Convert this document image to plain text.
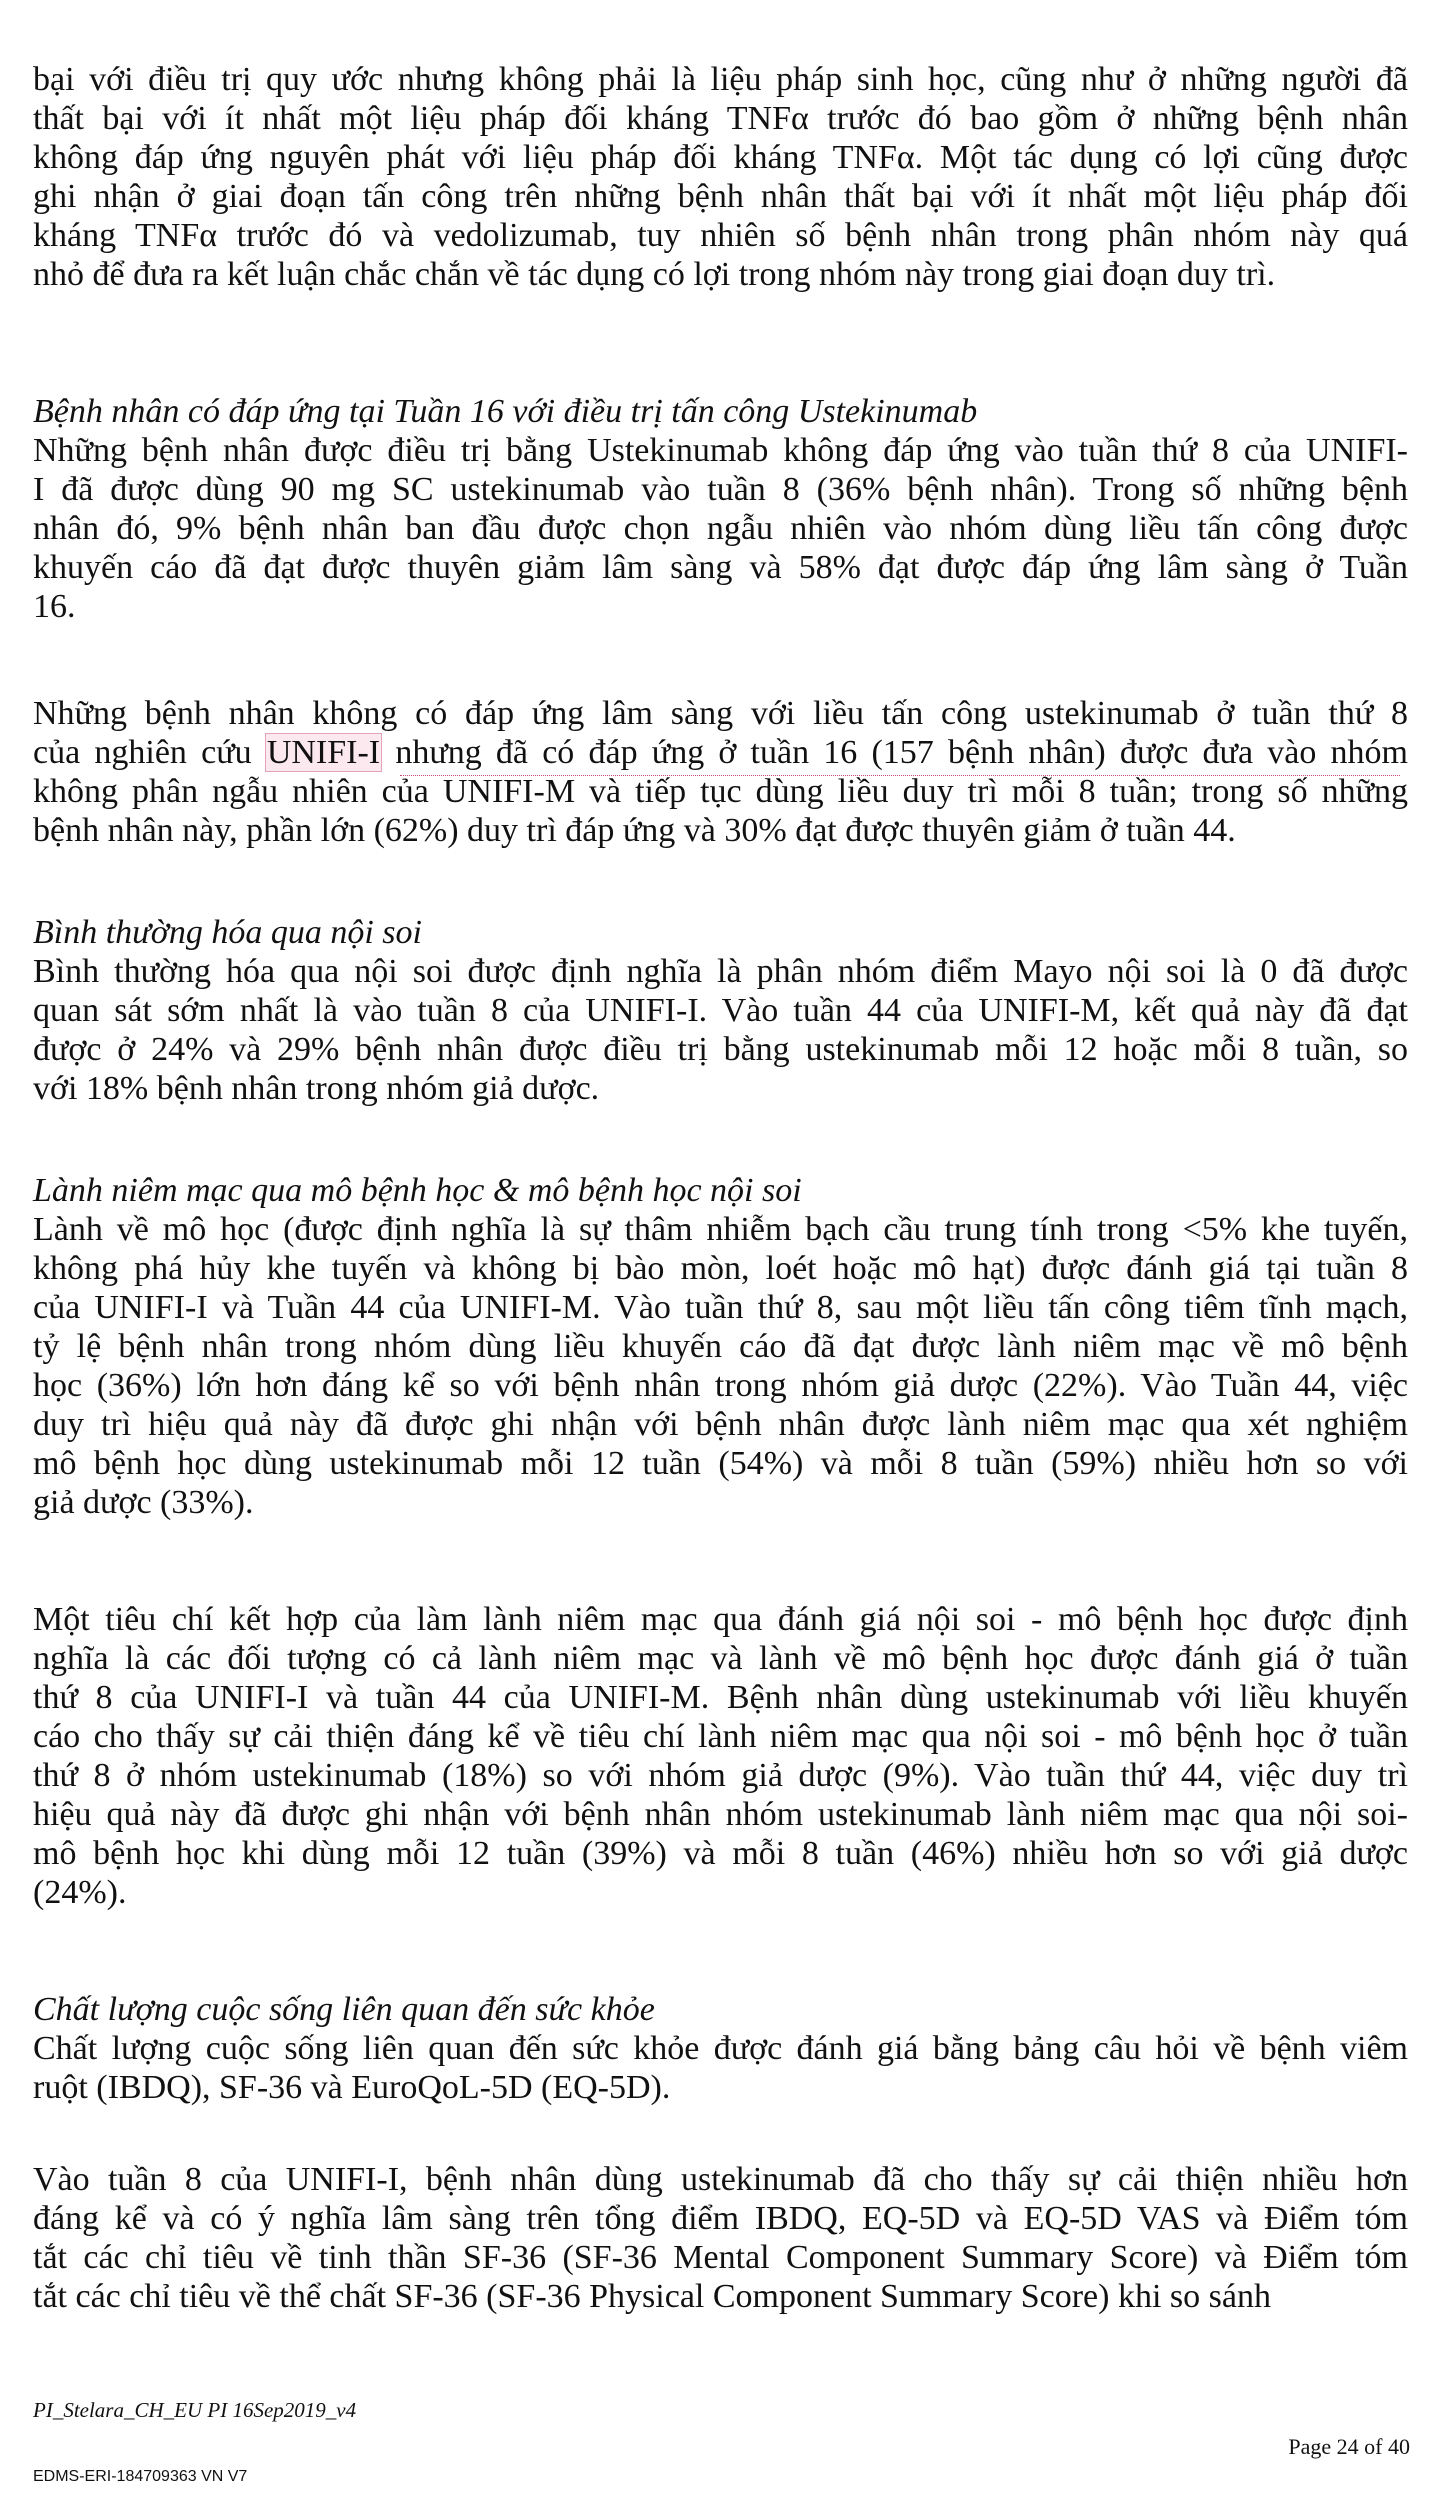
bại với điều trị quy ước nhưng không phải là liệu pháp sinh học, cũng như ở những người đã
thất bại với ít nhất một liệu pháp đối kháng TNFα trước đó bao gồm ở những bệnh nhân
không đáp ứng nguyên phát với liệu pháp đối kháng TNFα. Một tác dụng có lợi cũng được
ghi nhận ở giai đoạn tấn công trên những bệnh nhân thất bại với ít nhất một liệu pháp đối
kháng TNFα trước đó và vedolizumab, tuy nhiên số bệnh nhân trong phân nhóm này quá
nhỏ để đưa ra kết luận chắc chắn về tác dụng có lợi trong nhóm này trong giai đoạn duy trì.
Bệnh nhân có đáp ứng tại Tuần 16 với điều trị tấn công Ustekinumab
Những bệnh nhân được điều trị bằng Ustekinumab không đáp ứng vào tuần thứ 8 của UNIFI-
I đã được dùng 90 mg SC ustekinumab vào tuần 8 (36% bệnh nhân). Trong số những bệnh
nhân đó, 9% bệnh nhân ban đầu được chọn ngẫu nhiên vào nhóm dùng liều tấn công được
khuyến cáo đã đạt được thuyên giảm lâm sàng và 58% đạt được đáp ứng lâm sàng ở Tuần
16.
Những bệnh nhân không có đáp ứng lâm sàng với liều tấn công ustekinumab ở tuần thứ 8
của nghiên cứu UNIFI-I nhưng đã có đáp ứng ở tuần 16 (157 bệnh nhân) được đưa vào nhóm
không phân ngẫu nhiên của UNIFI-M và tiếp tục dùng liều duy trì mỗi 8 tuần; trong số những
bệnh nhân này, phần lớn (62%) duy trì đáp ứng và 30% đạt được thuyên giảm ở tuần 44.
Bình thường hóa qua nội soi
Bình thường hóa qua nội soi được định nghĩa là phân nhóm điểm Mayo nội soi là 0 đã được
quan sát sớm nhất là vào tuần 8 của UNIFI-I. Vào tuần 44 của UNIFI-M, kết quả này đã đạt
được ở 24% và 29% bệnh nhân được điều trị bằng ustekinumab mỗi 12 hoặc mỗi 8 tuần, so
với 18% bệnh nhân trong nhóm giả dược.
Lành niêm mạc qua mô bệnh học & mô bệnh học nội soi
Lành về mô học (được định nghĩa là sự thâm nhiễm bạch cầu trung tính trong <5% khe tuyến,
không phá hủy khe tuyến và không bị bào mòn, loét hoặc mô hạt) được đánh giá tại tuần 8
của UNIFI-I và Tuần 44 của UNIFI-M. Vào tuần thứ 8, sau một liều tấn công tiêm tĩnh mạch,
tỷ lệ bệnh nhân trong nhóm dùng liều khuyến cáo đã đạt được lành niêm mạc về mô bệnh
học (36%) lớn hơn đáng kể so với bệnh nhân trong nhóm giả dược (22%). Vào Tuần 44, việc
duy trì hiệu quả này đã được ghi nhận với bệnh nhân được lành niêm mạc qua xét nghiệm
mô bệnh học dùng ustekinumab mỗi 12 tuần (54%) và mỗi 8 tuần (59%) nhiều hơn so với
giả dược (33%).
Một tiêu chí kết hợp của làm lành niêm mạc qua đánh giá nội soi - mô bệnh học được định
nghĩa là các đối tượng có cả lành niêm mạc và lành về mô bệnh học được đánh giá ở tuần
thứ 8 của UNIFI-I và tuần 44 của UNIFI-M. Bệnh nhân dùng ustekinumab với liều khuyến
cáo cho thấy sự cải thiện đáng kể về tiêu chí lành niêm mạc qua nội soi - mô bệnh học ở tuần
thứ 8 ở nhóm ustekinumab (18%) so với nhóm giả dược (9%). Vào tuần thứ 44, việc duy trì
hiệu quả này đã được ghi nhận với bệnh nhân nhóm ustekinumab lành niêm mạc qua nội soi-
mô bệnh học khi dùng mỗi 12 tuần (39%) và mỗi 8 tuần (46%) nhiều hơn so với giả dược
(24%).
Chất lượng cuộc sống liên quan đến sức khỏe
Chất lượng cuộc sống liên quan đến sức khỏe được đánh giá bằng bảng câu hỏi về bệnh viêm
ruột (IBDQ), SF-36 và EuroQoL-5D (EQ-5D).
Vào tuần 8 của UNIFI-I, bệnh nhân dùng ustekinumab đã cho thấy sự cải thiện nhiều hơn
đáng kể và có ý nghĩa lâm sàng trên tổng điểm IBDQ, EQ-5D và EQ-5D VAS và Điểm tóm
tắt các chỉ tiêu về tinh thần SF-36 (SF-36 Mental Component Summary Score) và Điểm tóm
tắt các chỉ tiêu về thể chất SF-36 (SF-36 Physical Component Summary Score) khi so sánh
PI_Stelara_CH_EU PI 16Sep2019_v4
Page 24 of 40
EDMS-ERI-184709363 VN V7
